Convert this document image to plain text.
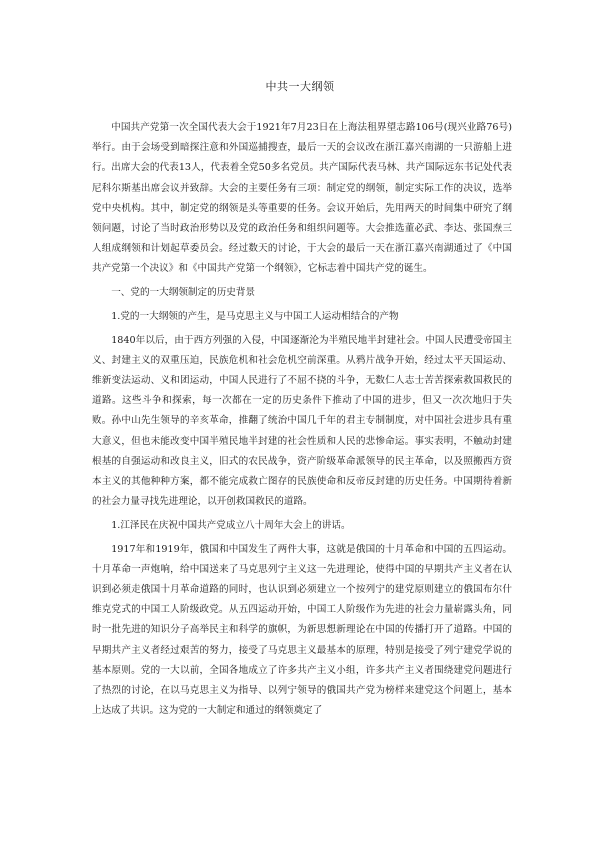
中共一大纲领

中国共产党第一次全国代表大会于1921年7月23日在上海法租界望志路106号(现兴业路76号)举行。由于会场受到暗探注意和外国巡捕搜查，最后一天的会议改在浙江嘉兴南湖的一只游船上进行。出席大会的代表13人，代表着全党50多名党员。共产国际代表马林、共产国际远东书记处代表尼科尔斯基出席会议并致辞。大会的主要任务有三项：制定党的纲领，制定实际工作的决议，选举党中央机构。其中，制定党的纲领是头等重要的任务。会议开始后，先用两天的时间集中研究了纲领问题，讨论了当时政治形势以及党的政治任务和组织问题等。大会推选董必武、李达、张国焘三人组成纲领和计划起草委员会。经过数天的讨论，于大会的最后一天在浙江嘉兴南湖通过了《中国共产党第一个决议》和《中国共产党第一个纲领》，它标志着中国共产党的诞生。

一、党的一大纲领制定的历史背景

1.党的一大纲领的产生，是马克思主义与中国工人运动相结合的产物

1840年以后，由于西方列强的入侵，中国逐渐沦为半殖民地半封建社会。中国人民遭受帝国主义、封建主义的双重压迫，民族危机和社会危机空前深重。从鸦片战争开始，经过太平天国运动、维新变法运动、义和团运动，中国人民进行了不屈不挠的斗争，无数仁人志士苦苦探索救国救民的道路。这些斗争和探索，每一次都在一定的历史条件下推动了中国的进步，但又一次次地归于失败。孙中山先生领导的辛亥革命，推翻了统治中国几千年的君主专制制度，对中国社会进步具有重大意义，但也未能改变中国半殖民地半封建的社会性质和人民的悲惨命运。事实表明，不触动封建根基的自强运动和改良主义，旧式的农民战争，资产阶级革命派领导的民主革命，以及照搬西方资本主义的其他种种方案，都不能完成救亡图存的民族使命和反帝反封建的历史任务。中国期待着新的社会力量寻找先进理论，以开创救国救民的道路。

1.江泽民在庆祝中国共产党成立八十周年大会上的讲话。

1917年和1919年，俄国和中国发生了两件大事，这就是俄国的十月革命和中国的五四运动。十月革命一声炮响，给中国送来了马克思列宁主义这一先进理论，使得中国的早期共产主义者在认识到必须走俄国十月革命道路的同时，也认识到必须建立一个按列宁的建党原则建立的俄国布尔什维克党式的中国工人阶级政党。从五四运动开始，中国工人阶级作为先进的社会力量崭露头角，同时一批先进的知识分子高举民主和科学的旗帜，为新思想新理论在中国的传播打开了道路。中国的早期共产主义者经过艰苦的努力，接受了马克思主义最基本的原理，特别是接受了列宁建党学说的基本原则。党的一大以前，全国各地成立了许多共产主义小组，许多共产主义者围绕建党问题进行了热烈的讨论，在以马克思主义为指导、以列宁领导的俄国共产党为榜样来建党这个问题上，基本上达成了共识。这为党的一大制定和通过的纲领奠定了
